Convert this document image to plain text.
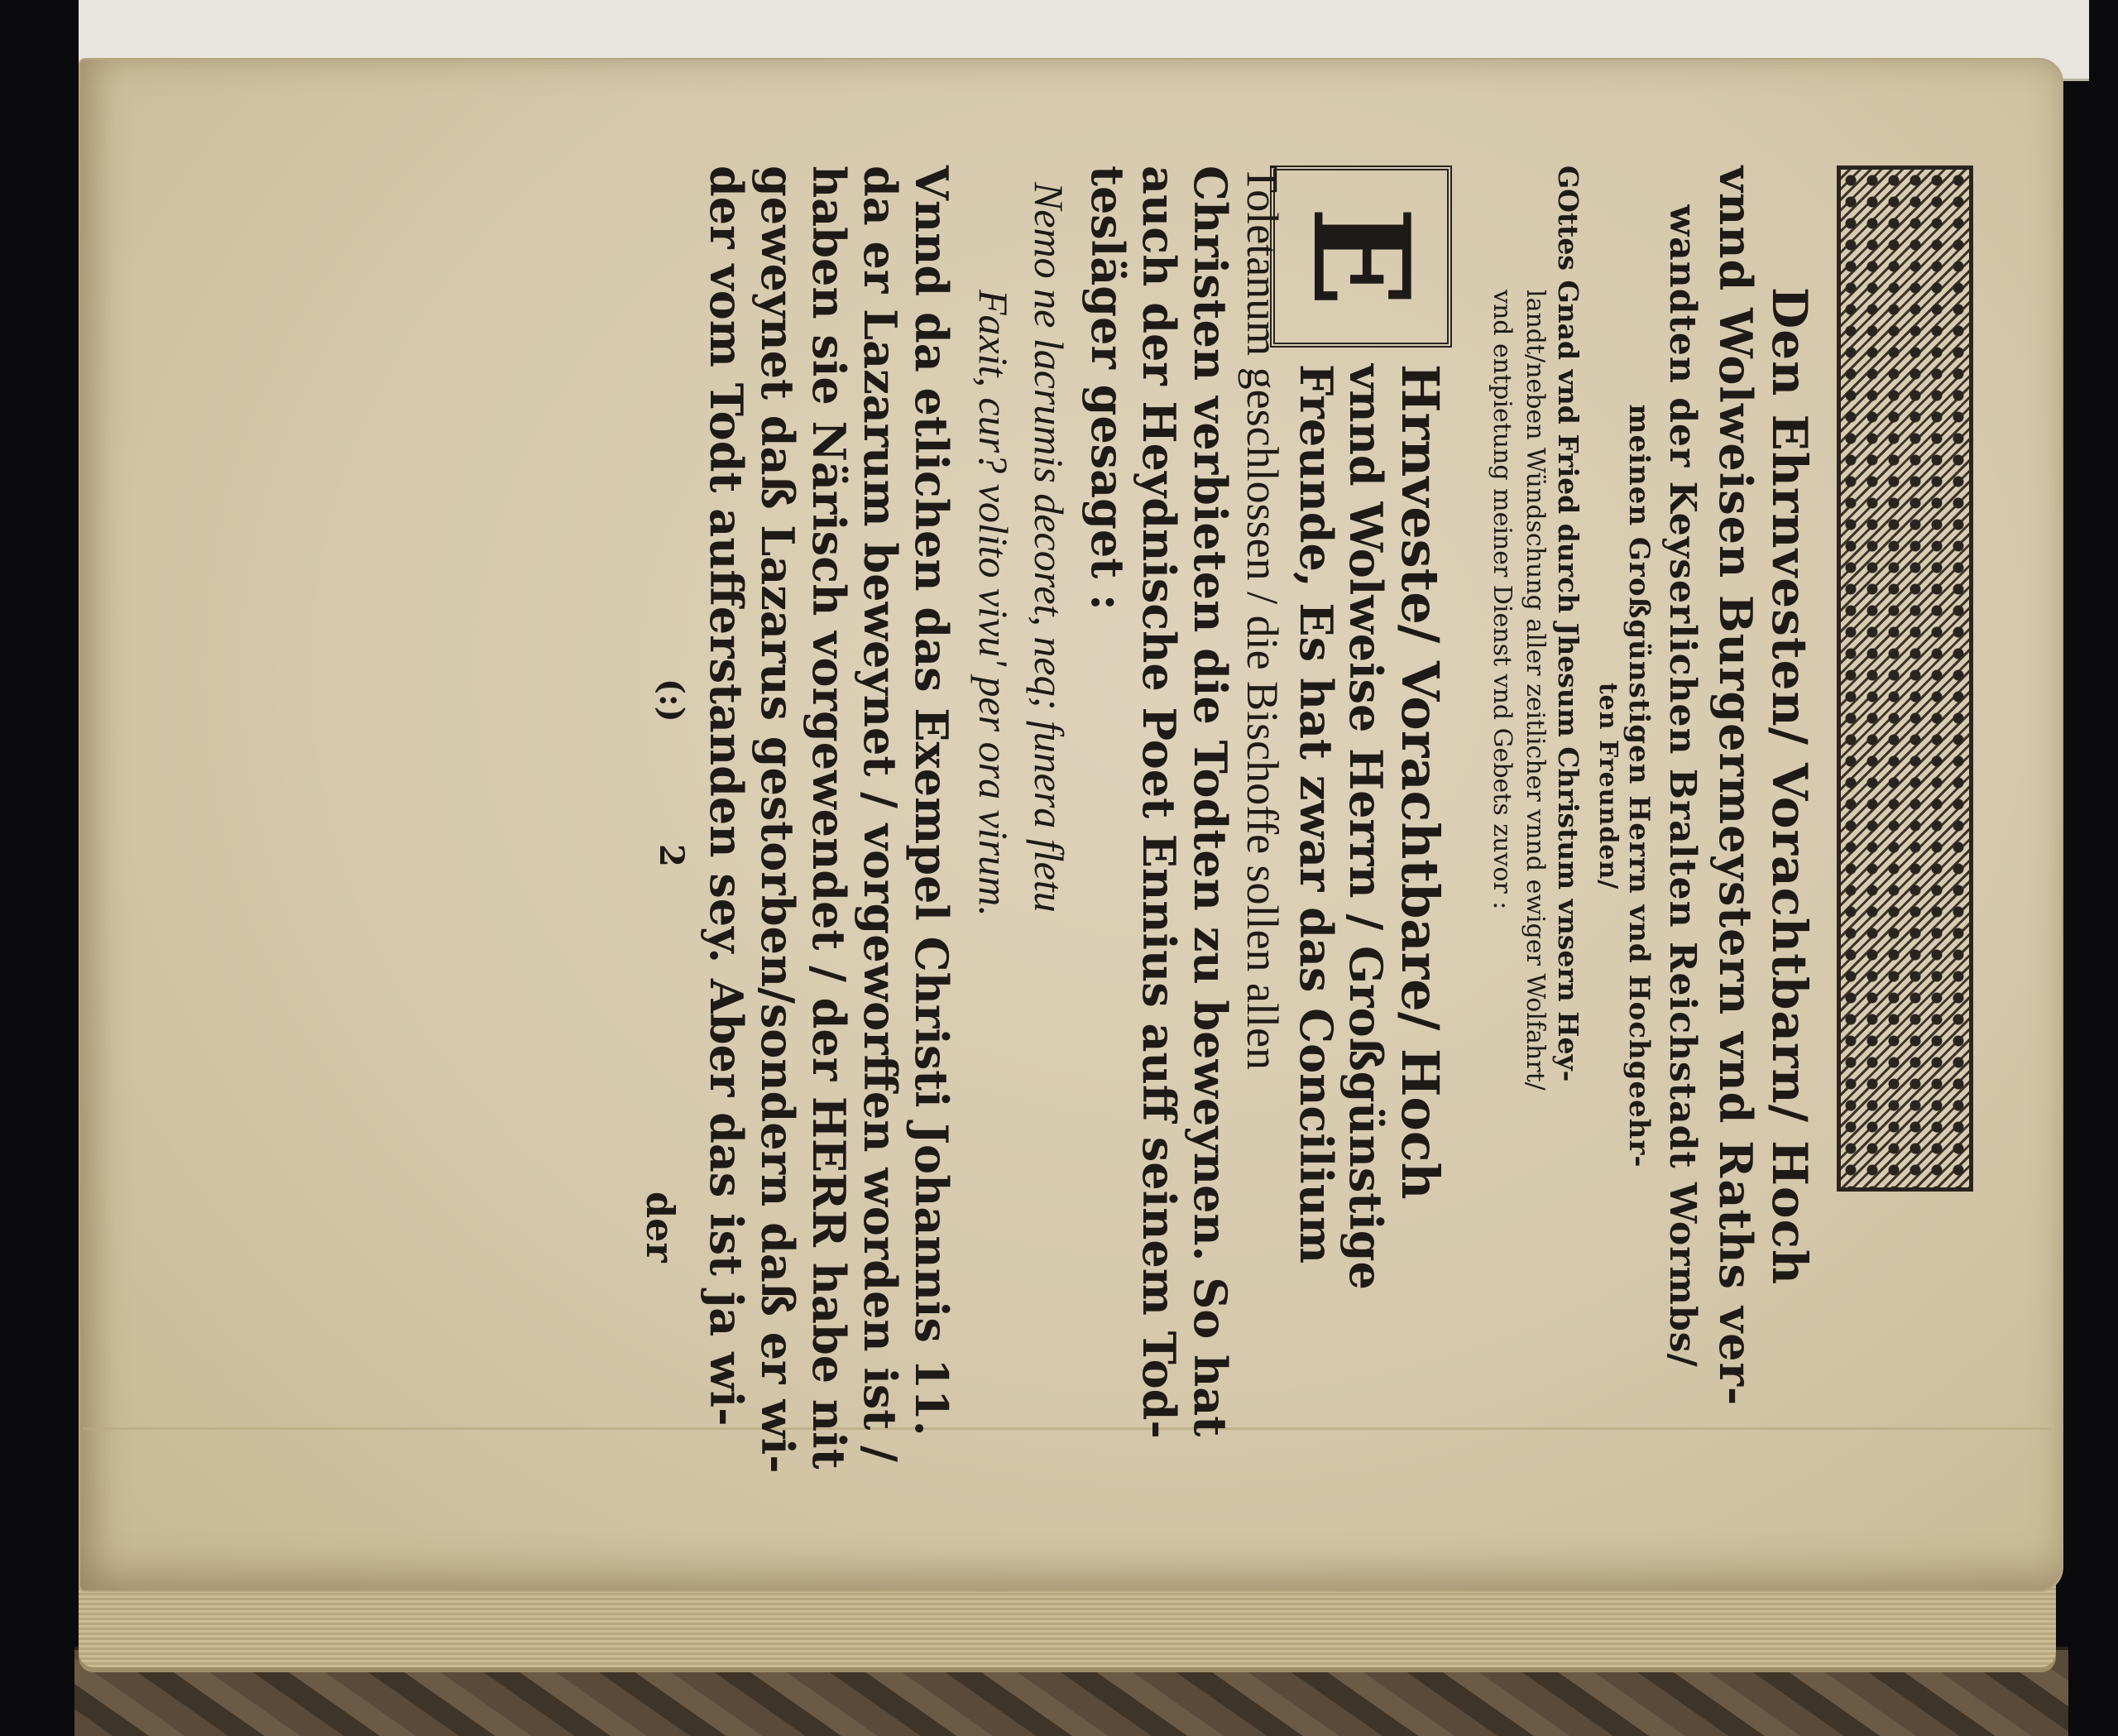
Den Ehrnvesten/ Vorachtbarn/ Hoch
vnnd Wolweisen Burgermeystern vnd Raths ver-
wandten der Keyserlichen Bralten Reichstadt Wormbs/
meinen Großgünstigen Herrn vnd Hochgeehr-
ten Freunden/
GOttes Gnad vnd Fried durch Jhesum Christum vnsern Hey-
landt/neben Wündschung aller zeitlicher vnnd ewiger Wolfahrt/
vnd entpietung meiner Dienst vnd Gebets zuvor :
E
Hrnveste/ Vorachtbare/ Hoch
vnnd Wolweise Herrn / Großgünstige
Freunde, Es hat zwar das Concilium
Toletanum geschlossen / die Bischoffe sollen allen
Christen verbieten die Todten zu beweynen. So hat
auch der Heydnische Poet Ennius auff seinem Tod-
tesläger gesaget :
Nemo ne lacrumis decoret, neq; funera fletu
Faxit, cur? volito vivu' per ora virum.
Vnnd da etlichen das Exempel Christi Johannis 11.
da er Lazarum beweynet / vorgeworffen worden ist /
haben sie Närisch vorgewendet / der HERR habe nit
geweynet daß Lazarus gestorben/sondern daß er wi-
der vom Todt aufferstanden sey. Aber das ist ja wi-
(:)
2
der
